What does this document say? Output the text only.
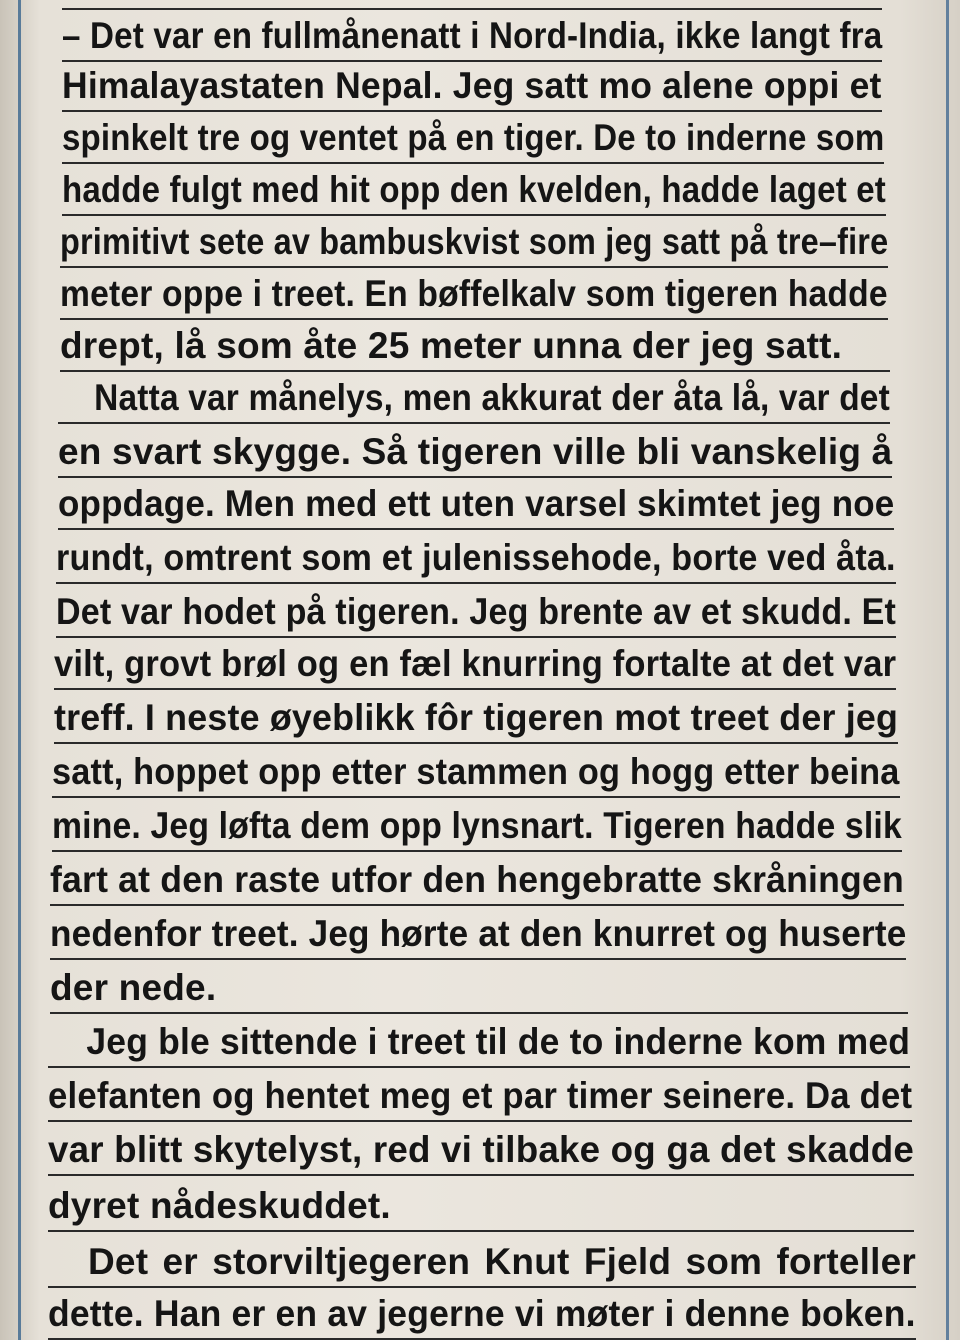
– Det var en fullmånenatt i Nord-India, ikke langt fra
Himalayastaten Nepal. Jeg satt mo alene oppi et
spinkelt tre og ventet på en tiger. De to inderne som
hadde fulgt med hit opp den kvelden, hadde laget et
primitivt sete av bambuskvist som jeg satt på tre–fire
meter oppe i treet. En bøffelkalv som tigeren hadde
drept, lå som åte 25 meter unna der jeg satt.
Natta var månelys, men akkurat der åta lå, var det
en svart skygge. Så tigeren ville bli vanskelig å
oppdage. Men med ett uten varsel skimtet jeg noe
rundt, omtrent som et julenissehode, borte ved åta.
Det var hodet på tigeren. Jeg brente av et skudd. Et
vilt, grovt brøl og en fæl knurring fortalte at det var
treff. I neste øyeblikk fôr tigeren mot treet der jeg
satt, hoppet opp etter stammen og hogg etter beina
mine. Jeg løfta dem opp lynsnart. Tigeren hadde slik
fart at den raste utfor den hengebratte skråningen
nedenfor treet. Jeg hørte at den knurret og huserte
der nede.
Jeg ble sittende i treet til de to inderne kom med
elefanten og hentet meg et par timer seinere. Da det
var blitt skytelyst, red vi tilbake og ga det skadde
dyret nådeskuddet.
Det er storviltjegeren Knut Fjeld som forteller
dette. Han er en av jegerne vi møter i denne boken.
